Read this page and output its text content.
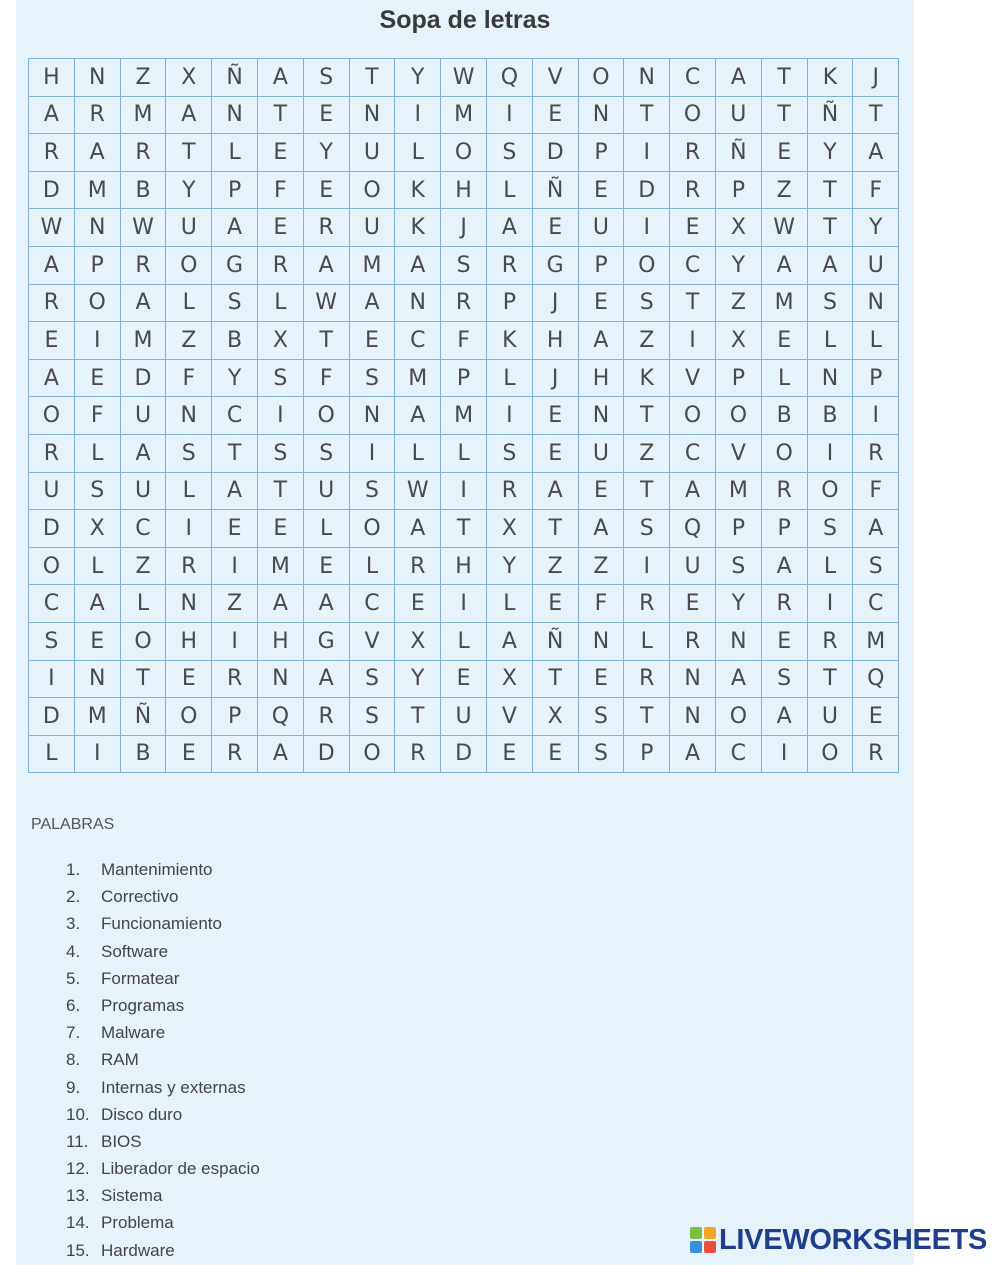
Sopa de letras
H	N	Z	X	Ñ	A	S	T	Y	W	Q	V	O	N	C	A	T	K	J
A	R	M	A	N	T	E	N	I	M	I	E	N	T	O	U	T	Ñ	T
R	A	R	T	L	E	Y	U	L	O	S	D	P	I	R	Ñ	E	Y	A
D	M	B	Y	P	F	E	O	K	H	L	Ñ	E	D	R	P	Z	T	F
W	N	W	U	A	E	R	U	K	J	A	E	U	I	E	X	W	T	Y
A	P	R	O	G	R	A	M	A	S	R	G	P	O	C	Y	A	A	U
R	O	A	L	S	L	W	A	N	R	P	J	E	S	T	Z	M	S	N
E	I	M	Z	B	X	T	E	C	F	K	H	A	Z	I	X	E	L	L
A	E	D	F	Y	S	F	S	M	P	L	J	H	K	V	P	L	N	P
O	F	U	N	C	I	O	N	A	M	I	E	N	T	O	O	B	B	I
R	L	A	S	T	S	S	I	L	L	S	E	U	Z	C	V	O	I	R
U	S	U	L	A	T	U	S	W	I	R	A	E	T	A	M	R	O	F
D	X	C	I	E	E	L	O	A	T	X	T	A	S	Q	P	P	S	A
O	L	Z	R	I	M	E	L	R	H	Y	Z	Z	I	U	S	A	L	S
C	A	L	N	Z	A	A	C	E	I	L	E	F	R	E	Y	R	I	C
S	E	O	H	I	H	G	V	X	L	A	Ñ	N	L	R	N	E	R	M
I	N	T	E	R	N	A	S	Y	E	X	T	E	R	N	A	S	T	Q
D	M	Ñ	O	P	Q	R	S	T	U	V	X	S	T	N	O	A	U	E
L	I	B	E	R	A	D	O	R	D	E	E	S	P	A	C	I	O	R
PALABRAS
1. Mantenimiento
2. Correctivo
3. Funcionamiento
4. Software
5. Formatear
6. Programas
7. Malware
8. RAM
9. Internas y externas
10. Disco duro
11. BIOS
12. Liberador de espacio
13. Sistema
14. Problema
15. Hardware	LIVEWORKSHEETS
